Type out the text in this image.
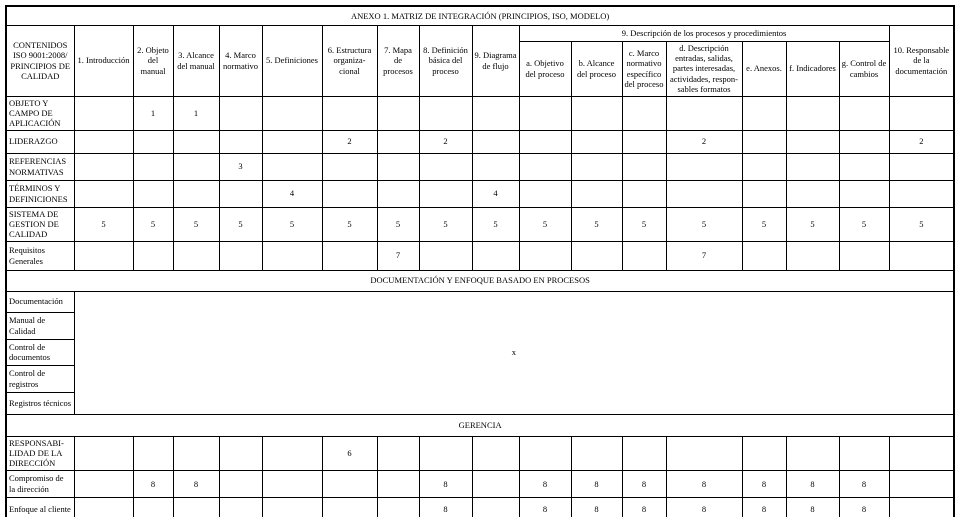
ANEXO 1. MATRIZ DE INTEGRACIÓN (PRINCIPIOS, ISO, MODELO)																	
CONTENIDOS ISO 9001:2008/ PRINCIPIOS DE CALIDAD	1. Introducción	2. Objeto del manual	3. Alcance del manual	4. Marco normativo	5. Definiciones	6. Estructura organiza- cional	7. Mapa de procesos	8. Definición básica del proceso	9. Diagrama de flujo	9. Descripción de los procesos y procedimientos							10. Responsable de la documentación
										a. Objetivo del proceso	b. Alcance del proceso	c. Marco normativo específico del proceso	d. Descripción entradas, salidas, partes interesadas, actividades, respon- sables formatos	e. Anexos.	f. Indicadores	g. Control de cambios	
OBJETO Y CAMPO DE APLICACIÓN		1	1														
LIDERAZGO						2		2					2				2
REFERENCIAS NORMATIVAS				3													
TÉRMINOS Y DEFINICIONES					4				4								
SISTEMA DE GESTION DE CALIDAD	5	5	5	5	5	5	5	5	5	5	5	5	5	5	5	5	5
Requisitos Generales							7						7				
DOCUMENTACIÓN Y ENFOQUE BASADO EN PROCESOS																	
Documentación	x																
Manual de Calidad																	
Control de documentos																	
Control de registros																	
Registros técnicos																	
GERENCIA																	
RESPONSABI- LIDAD DE LA DIRECCIÓN						6											
Compromiso de la dirección		8	8					8		8	8	8	8	8	8	8	
Enfoque al cliente								8		8	8	8	8	8	8	8	
